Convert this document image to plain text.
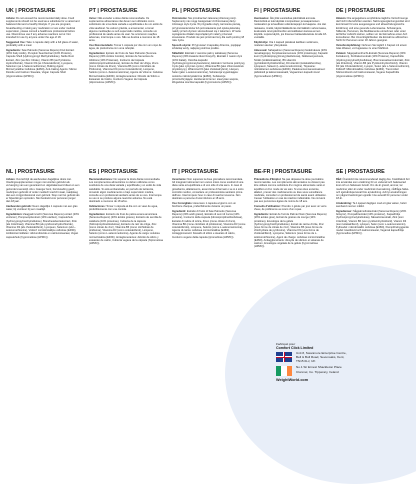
UK | PROSTASURE

Advice: Do not exceed the recommended daily dose. Food supplements should not be used as a substitute for a varied and balanced diet and a healthy lifestyle. If you are pregnant, breastfeeding or taking any medication or are under medical supervision, please consult a healthcare professional before use. Discontinue use if any adverse reactions occur. Not intended for use by anyone under the age of 18.

Suggested Use: Take 1 capsule daily with a full glass of water, preferably with a meal.

Ingredients: Saw Palmetto (Serenoa Repens) Fruit Extract (20% Fatty Acids), Pumpkin Seed Extract (10% Proteins), Capsule Shell (Hydroxypropyl Methylcellulose), Nettle Root Extract, Zinc (as Zinc Citrate), Vitamin B6 (as Pyridoxine Hydrochloride), Vitamin D3 (as Cholecalciferol), Lycopene, Selenium (as L-Selenomethionine), Bulking Agent: Microcrystalline Cellulose (E460i), Anti-Caking Agents: Silicon Dioxide and Calcium Stearate, Vegan Capsule Shell (Hypromellose (HPMC)).

PT | PROSTASURE

Aviso: Não exceder a dose diária recomendada. Os suplementos alimentares não devem ser utilizados como substitutos de uma dieta variada e equilibrada e de um estilo de vida saudável. Se estiver grávida, a amamentar, a tomar alguma medicação ou sob supervisão médica, consulte um profissional de saúde antes de usar. Se ocorrerem reações adversas, interrompa o uso. Não se destina a menores de 18 anos.

Uso Recomendado: Tomar 1 cápsula por dia com um copo de água, de preferência com uma refeição.

Ingredientes: Extrato de Fruto de Saw Palmetto (Serenoa Repens) (20% Ácidos Gordos), Extrato de Sementes de Abóbora (10% Proteínas), Invólucro da Cápsula (Hidroxipropilmetilcelulose), Extrato de Raiz de Urtiga, Zinco (como Citrato de Zinco), Vitamina B6 (como Cloridrato de Piridoxina), Vitamina D3 (como Colecalciferol), Licopeno, Selénio (como L-Selenometionina), Agente de Volume: Celulose Microcristalina (E460i), Antiaglomerantes: Dióxido de Silício e Estearato de Cálcio, Invólucro Vegano da Cápsula (Hipromelose (HPMC)).

PL | PROSTASURE

Ostrzeżenie: Nie przekraczać zalecanej dziennej porcji. Suplementy nie mogą zastępować zróżnicowanej diety i zdrowego stylu życia. W przypadku ciąży, karmienia piersią, przyjmowania leków lub pozostawania pod opieką lekarską należy przed użyciem skonsultować się z lekarzem. W razie wystąpienia działań niepożądanych należy przerwać stosowanie. Produkt nie jest przeznaczony dla osób poniżej 18 roku życia.

Sposób użycia: Przyjmować 1 kapsułkę dziennie, popijając szklanką wody, najlepiej podczas posiłku.

Składniki: Ekstrakt z owoców palmy sabałowej (Serenoa Repens) (20% kwasów tłuszczowych), Ekstrakt z nasion dyni (10% białek), Otoczka kapsułki (hydroksypropylometyloceluloza), Ekstrakt z korzenia pokrzywy, Cynk (jako cytrynian cynku), Witamina B6 (jako chlorowodorek pirydoksyny), Witamina D3 (jako cholekalcyferol), Likopen, Selen (jako L-selenometionina), Substancja wypełniająca: celuloza mikrokrystaliczna (E460i), Substancje przeciwzbrylające: dwutlenek krzemu i stearynian wapnia, Wegańska otoczka kapsułki (hypromeloza (HPMC)).

FI | PROSTASURE

Huomautus: Älä ylitä suositeltua päivittäistä annosta. Ravintolisiä ei tule käyttää monipuolisen ja tasapainoisen ruokavalion ja terveellisten elämäntapojen korvaajana. Jos olet raskaana, imetät, käytät lääkkeitä tai olet lääkärin valvonnassa, keskustele terveydenhuollon ammattilaisen kanssa ennen käyttöä. Lopeta käyttö, jos ilmenee haittavaikutuksia. Ei alle 18-vuotiaille.

Käyttöohje: Ota 1 kapseli päivässä lasillisen vettä kera, mieluiten aterian yhteydessä.

Ainesosat: Sahapalmun (Serenoa Repens) hedelmäuute (20% rasvahappoja), Kurpitsansiemenuute (10% proteiineja), Kapselin kuori (hydroksipropyylimetyyliselluloosa), Nokkosenjuuriuute, Sinkki (sinkkisitraattina), B6-vitamiini (pyridoksiinihydrokloridina), D3-vitamiini (kolekalsiferolina), Lykopeeni, Seleeni (L-selenometioniinina), Täyteaine: mikrokiteinen selluloosa (E460i), Paakkuuntumisenestoaineet: piidioksidi ja kalsiumstearaatti, Vegaaninen kapselin kuori (hypromelloosi (HPMC)).

DE | PROSTASURE

Hinweis: Die angegebene empfohlene tägliche Verzehrmenge darf nicht überschritten werden. Nahrungsergänzungsmittel sind kein Ersatz für eine ausgewogene und abwechslungsreiche Ernährung und eine gesunde Lebensweise. Schwangere, Stillende, Personen, die Medikamente einnehmen oder unter ärztlicher Aufsicht stehen, sollten vor der Einnahme einen Arzt konsultieren. Bei Unverträglichkeiten die Einnahme abbrechen. Nicht für Personen unter 18 Jahren geeignet.

Verzehrempfehlung: Nehmen Sie täglich 1 Kapsel mit einem Glas Wasser, vorzugsweise zu einer Mahlzeit.

Zutaten: Sägepalmenfrucht-Extrakt (Serenoa Repens) (20% Fettsäuren), Kürbiskernextrakt (10% Proteine), Kapselhülle (Hydroxypropylmethylcellulose), Brennnesselwurzelextrakt, Zink (als Zinkcitrat), Vitamin B6 (als Pyridoxinhydrochlorid), Vitamin D3 (als Cholecalciferol), Lycopin, Selen (als L-Selenomethionin), Füllstoff: Mikrokristalline Cellulose (E460i), Trennmittel: Siliciumdioxid und Calciumstearat, Vegane Kapselhülle (Hypromellose (HPMC)).

NL | PROSTASURE

Advies: Overschrijd de aanbevolen dagelijkse dosis niet. Voedingssupplementen mogen niet worden gebruikt als vervanging van een gevarieerd en uitgebalanceerd dieet en een gezonde levensstijl. Als u zwanger bent, borstvoeding geeft, medicijnen gebruikt of onder medisch toezicht staat, raadpleeg dan een zorgprofessional voor gebruik. Stop met het gebruik als er bijwerkingen optreden. Niet bedoeld voor personen jonger dan 18 jaar.

Aanbevolen gebruik: Neem dagelijks 1 capsule met een glas water, bij voorkeur bij een maaltijd.

Ingrediënten: Zaagpalmvrucht (Serenoa Repens) extract (20% vetzuren), Pompoenpitextract (10% eiwitten), Capsulehuls (hydroxypropylmethylcellulose), Brandnetelwortelextract, Zink (als zinkcitraat), Vitamine B6 (als pyridoxinehydrochloride), Vitamine D3 (als cholecalciferol), Lycopeen, Selenium (als L-selenomethionine), Vulstof: microkristallijne cellulose (E460i), Antiklontermiddelen: siliciumdioxide en calciumstearaat, Vegan capsulehuls (hypromellose (HPMC)).

ES | PROSTASURE

Recomendaciones: No superar la dosis diaria recomendada. Los complementos alimenticios no deben utilizarse como sustitutos de una dieta variada y equilibrada y un estilo de vida saludable. Si está embarazada, en período de lactancia, tomando algún medicamento o bajo supervisión médica, consulte a un profesional sanitario antes de su uso. Interrumpa su uso si se produce alguna reacción adversa. No está destinado a menores de 18 años.

Indicaciones: Tomar 1 cápsula al día con un vaso de agua, preferiblemente con una comida.

Ingredientes: Extracto de fruto de palma enana americana (Serenoa Repens) (20% ácidos grasos), Extracto de semilla de calabaza (10% proteínas), Cubierta de la cápsula (hidroxipropilmetilcelulosa), Extracto de raíz de ortiga, Zinc (como citrato de zinc), Vitamina B6 (como clorhidrato de piridoxina), Vitamina D3 (como colecalciferol), Licopeno, Selenio (como L-selenometionina), Agente de carga: celulosa microcristalina (E460i), Antiaglomerantes: dióxido de silicio y estearato de calcio, Cubierta vegana de la cápsula (hipromelosa (HPMC)).

IT | PROSTASURE

Avvertenze: Non superare la dose giornaliera raccomandata. Gli integratori alimentari non vanno intesi come sostituti di una dieta varia ed equilibrata e di uno stile di vita sano. In caso di gravidanza, allattamento, assunzione di farmaci o se si è sotto controllo medico, consultare un professionista sanitario prima dell'uso. Interrompere l'uso in caso di reazioni avverse. Non destinato a persone di età inferiore ai 18 anni.

Uso Consigliato: Assumere 1 capsula al giorno con un bicchiere d'acqua, preferibilmente durante un pasto.

Ingredienti: Estratto di frutto di Saw Palmetto (Serenoa Repens) (20% acidi grassi), Estratto di semi di zucca (10% proteine), Involucro della capsula (idrossipropilmetilcellulosa), Estratto di radice di ortica, Zinco (come citrato di zinco), Vitamina B6 (come cloridrato di piridossina), Vitamina D3 (come colecalciferolo), Licopene, Selenio (come L-selenometionina), Agente di carica: cellulosa microcristallina (E460i), Antiagglomeranti: biossido di silicio e stearato di calcio, Involucro vegano della capsula (ipromellosa (HPMC)).

BE-FR | PROSTASURE

Précautions d'Emploi: Ne pas dépasser la dose journalière recommandée. Les compléments alimentaires ne doivent pas être utilisés comme substituts d'un régime alimentaire varié et équilibré et d'un mode de vie sain. Si vous êtes enceinte, allaitez, prenez des médicaments ou êtes sous surveillance médicale, consultez un professionnel de santé avant utilisation. Cesser l'utilisation en cas de réaction indésirable. Ne convient pas aux personnes âgées de moins de 18 ans.

Conseils d'utilisation: Prendre 1 gélule par jour avec un verre d'eau, de préférence au cours d'un repas.

Ingrédients: Extrait de fruit de Palmier Nain (Serenoa Repens) (20% acides gras), Extrait de graines de courge (10% protéines), Enveloppe de la gélule (hydroxypropylméthylcellulose), Extrait de racine d'ortie, Zinc (sous forme de citrate de zinc), Vitamine B6 (sous forme de chlorhydrate de pyridoxine), Vitamine D3 (sous forme de cholécalciférol), Lycopène, Sélénium (sous forme de L-sélénométhionine), Agent de charge: cellulose microcristalline (E460i), Antiagglomérants: dioxyde de silicium et stéarate de calcium, Enveloppe végétale de la gélule (hypromellose (HPMC)).

SE | PROSTASURE

Råd: Överskrid inte rekommenderad daglig dos. Kosttillskott bör inte användas som ersättning för en varierad och balanserad kost och en hälsosam livsstil. Om du är gravid, ammar, tar mediciner eller är under medicinsk övervakning, rådfråga hälso- och sjukvårdspersonal före användning. Avbryt användningen om några biverkningar uppstår. Inte avsedd för personer under 18 år.

Användning: Ta 1 kapsel dagligen med ett glas vatten, helst i samband med en måltid.

Ingredienser: Sågpalmsfruktextrakt (Serenoa Repens) (20% fettsyror), Pumpafröextrakt (10% proteiner), Kapselhölje (hydroxipropylmetylcellulosa), Nässelrotsextrakt, Zink (som zinkcitrat), Vitamin B6 (som pyridoxinhydroklorid), Vitamin D3 (som kolekalciferol), Lykopen, Selen (som L-selenometionin), Fyllmedel: mikrokristallin cellulosa (E460i), Klumpförebyggande medel: kiseldioxid och kalciumstearat, Vegansk kapselhölje (hypromellos (HPMC)).

Fabriqué pour
Comfort Click Limited
Unit 8, Swanmore Enterprise Centre,
Bell & Bull Road, Sevenoaks, Kent,
TN15 0LJ, UK
No.1 Sir Ernest Shackleton Place
Clonmel, Co. Tipperary, Ireland
WeightWorld.com
